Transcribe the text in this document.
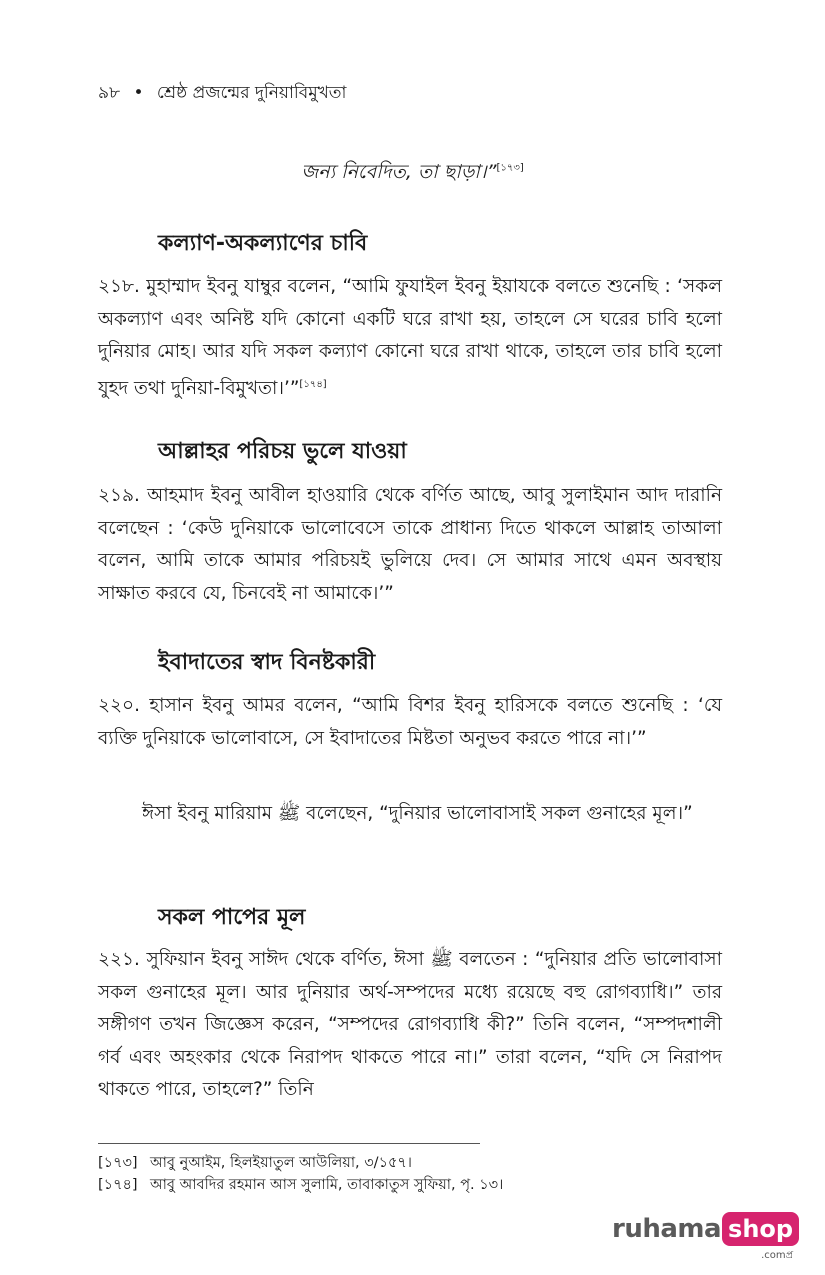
৯৮ • শ্রেষ্ঠ প্রজন্মের দুনিয়াবিমুখতা
জন্য নিবেদিত, তা ছাড়া।”[১৭৩]
কল্যাণ-অকল্যাণের চাবি
২১৮. মুহাম্মাদ ইবনু যাম্বুর বলেন, “আমি ফুযাইল ইবনু ইয়াযকে বলতে শুনেছি : ‘সকল অকল্যাণ এবং অনিষ্ট যদি কোনো একটি ঘরে রাখা হয়, তাহলে সে ঘরের চাবি হলো দুনিয়ার মোহ। আর যদি সকল কল্যাণ কোনো ঘরে রাখা থাকে, তাহলে তার চাবি হলো যুহদ তথা দুনিয়া-বিমুখতা।’”[১৭৪]
আল্লাহর পরিচয় ভুলে যাওয়া
২১৯. আহমাদ ইবনু আবীল হাওয়ারি থেকে বর্ণিত আছে, আবু সুলাইমান আদ দারানি বলেছেন : ‘কেউ দুনিয়াকে ভালোবেসে তাকে প্রাধান্য দিতে থাকলে আল্লাহ তাআলা বলেন, আমি তাকে আমার পরিচয়ই ভুলিয়ে দেব। সে আমার সাথে এমন অবস্থায় সাক্ষাত করবে যে, চিনবেই না আমাকে।’”
ইবাদাতের স্বাদ বিনষ্টকারী
২২০. হাসান ইবনু আমর বলেন, “আমি বিশর ইবনু হারিসকে বলতে শুনেছি : ‘যে ব্যক্তি দুনিয়াকে ভালোবাসে, সে ইবাদাতের মিষ্টতা অনুভব করতে পারে না।’”
ঈসা ইবনু মারিয়াম ﷺ বলেছেন, “দুনিয়ার ভালোবাসাই সকল গুনাহের মূল।”
সকল পাপের মূল
২২১. সুফিয়ান ইবনু সাঈদ থেকে বর্ণিত, ঈসা ﷺ বলতেন : “দুনিয়ার প্রতি ভালোবাসা সকল গুনাহের মূল। আর দুনিয়ার অর্থ-সম্পদের মধ্যে রয়েছে বহু রোগব্যাধি।” তার সঙ্গীগণ তখন জিজ্ঞেস করেন, “সম্পদের রোগব্যাধি কী?” তিনি বলেন, “সম্পদশালী গর্ব এবং অহংকার থেকে নিরাপদ থাকতে পারে না।” তারা বলেন, “যদি সে নিরাপদ থাকতে পারে, তাহলে?” তিনি
[১৭৩] আবু নুআইম, হিলইয়াতুল আউলিয়া, ৩/১৫৭।
[১৭৪] আবু আবদির রহমান আস সুলামি, তাবাকাতুস সুফিয়া, পৃ. ১৩।
ruhama shop
.comপ্র
